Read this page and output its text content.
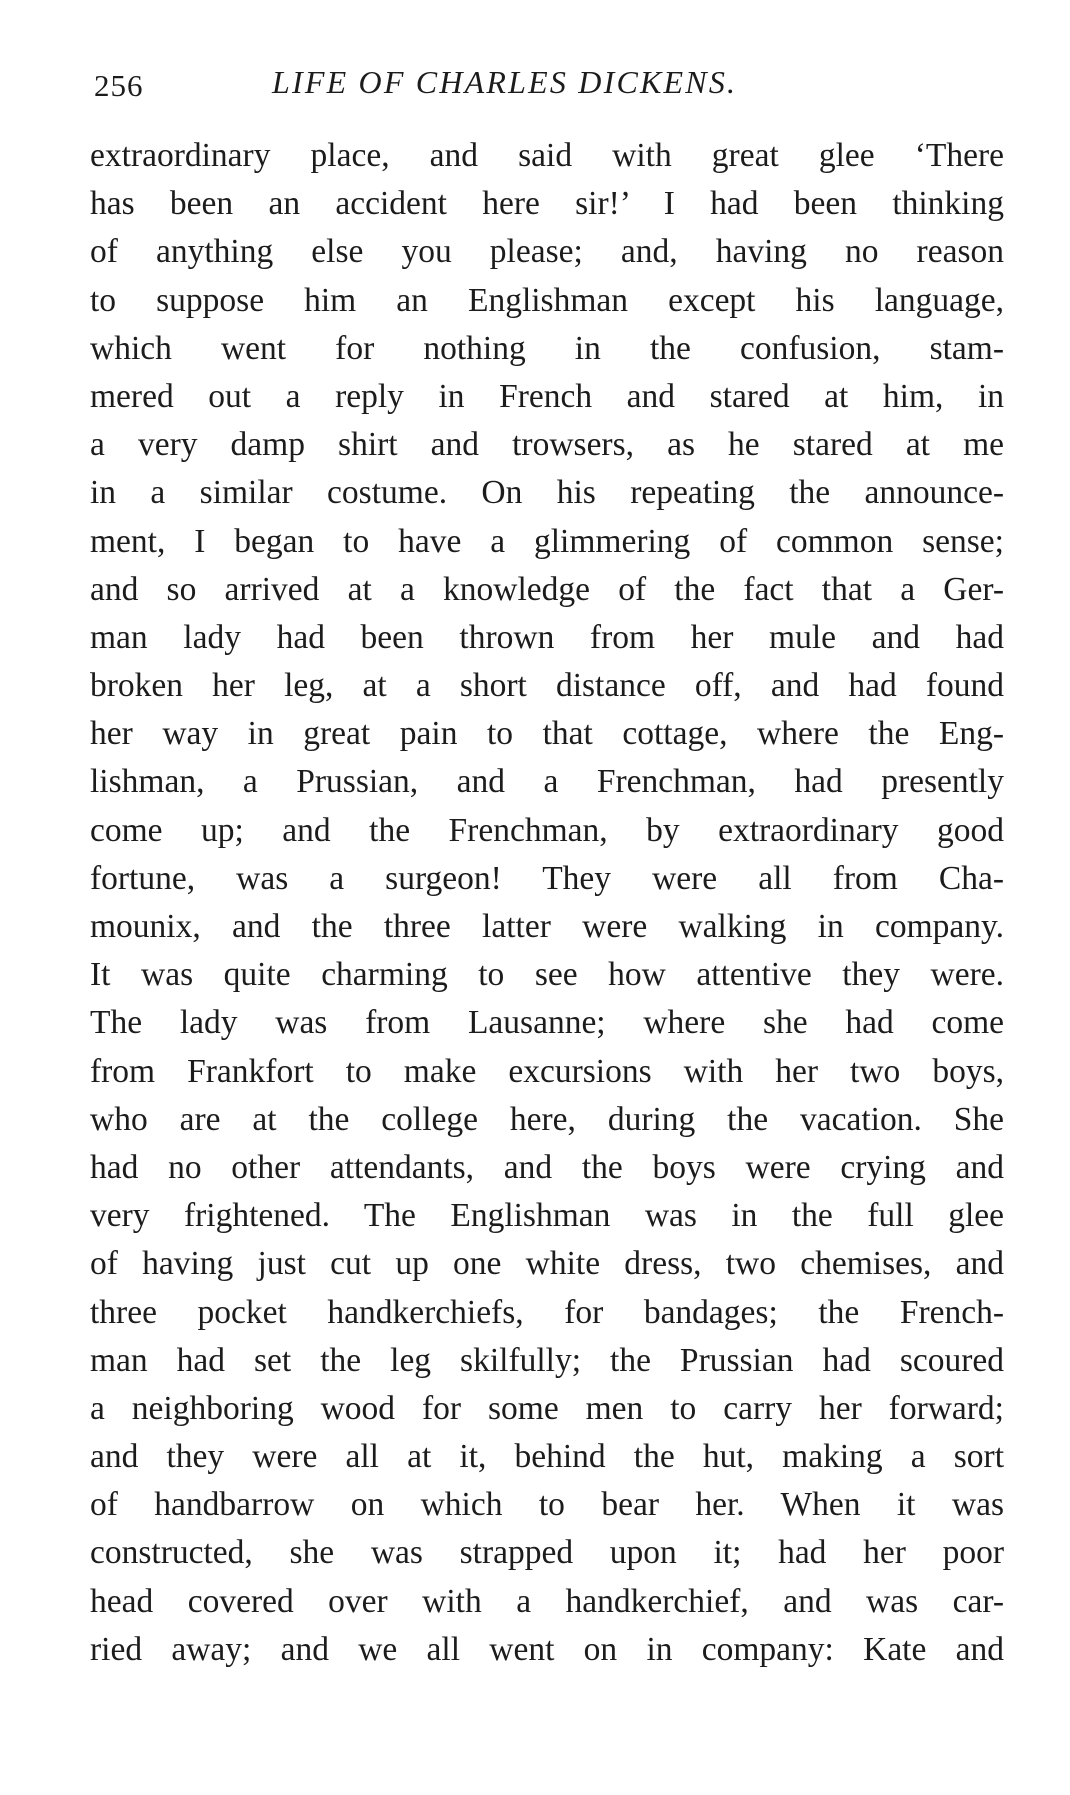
256	LIFE OF CHARLES DICKENS.
extraordinary place, and said with great glee ‘There
has been an accident here sir!’ I had been thinking
of anything else you please; and, having no reason
to suppose him an Englishman except his language,
which went for nothing in the confusion, stam-
mered out a reply in French and stared at him, in
a very damp shirt and trowsers, as he stared at me
in a similar costume. On his repeating the announce-
ment, I began to have a glimmering of common sense;
and so arrived at a knowledge of the fact that a Ger-
man lady had been thrown from her mule and had
broken her leg, at a short distance off, and had found
her way in great pain to that cottage, where the Eng-
lishman, a Prussian, and a Frenchman, had presently
come up; and the Frenchman, by extraordinary good
fortune, was a surgeon! They were all from Cha-
mounix, and the three latter were walking in company.
It was quite charming to see how attentive they were.
The lady was from Lausanne; where she had come
from Frankfort to make excursions with her two boys,
who are at the college here, during the vacation. She
had no other attendants, and the boys were crying and
very frightened. The Englishman was in the full glee
of having just cut up one white dress, two chemises, and
three pocket handkerchiefs, for bandages; the French-
man had set the leg skilfully; the Prussian had scoured
a neighboring wood for some men to carry her forward;
and they were all at it, behind the hut, making a sort
of handbarrow on which to bear her. When it was
constructed, she was strapped upon it; had her poor
head covered over with a handkerchief, and was car-
ried away; and we all went on in company: Kate and
